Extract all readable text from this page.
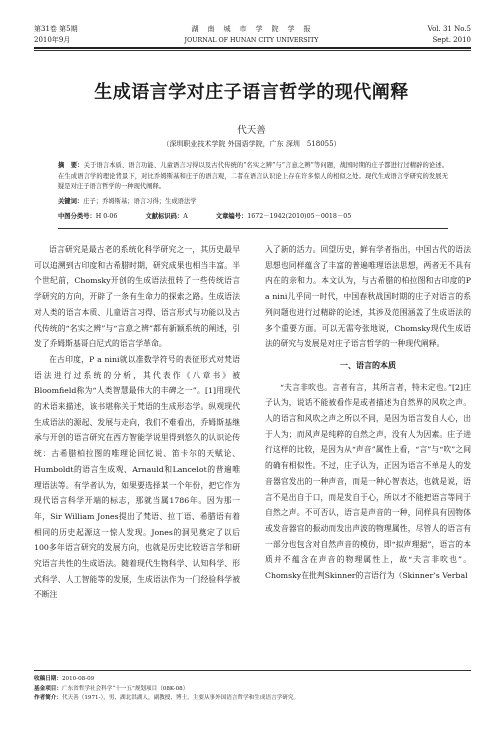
第31卷 第5期
2010年9月
湖　南　城　市　学　院　学　报
JOURNAL OF HUNAN CITY UNIVERSITY
Vol. 31 No.5
Sept. 2010
生成语言学对庄子语言哲学的现代阐释
代天善
（深圳职业技术学院 外国语学院，广东 深圳　518055）
摘　要：关于语言本质、语言功能、儿童语言习得以及古代传统的“名实之辨”与“言意之辨”等问题，战国时期的庄子都进行过精辟的论述。在生成语言学的理论背景下，对比乔姆斯基和庄子的语言观，二者在语言认识论上存在许多惊人的相似之处。现代生成语言学研究的发展无疑是对庄子语言哲学的一种现代阐释。
关键词：庄子；乔姆斯基；语言习得；生成语法学
中图分类号：H 0-06	文献标识码：A	文章编号：1672－1942(2010)05－0018－05

语言研究是最古老的系统化科学研究之一，其历史最早可以追溯到古印度和古希腊时期，研究成果也相当丰富。半个世纪前，Chomsky开创的生成语法扭转了一些传统语言学研究的方向，开辟了一条有生命力的探索之路。生成语法对人类的语言本质、儿童语言习得、语言形式与功能以及古代传统的“名实之辨”与“言意之辨”都有新颖系统的阐述，引发了乔姆斯基哥白尼式的语言学革命。

在古印度，P a nini就以准数学符号的表征形式对梵语语法进行过系统的分析，其代表作《八章书》被Bloomfield称为“人类智慧最伟大的丰碑之一”。[1]用现代的术语来描述，该书堪称关于梵语的生成形态学。纵观现代生成语法的源起、发展与走向，我们不难看出，乔姆斯基继承与开创的语言研究在西方智能学说里得到悠久的认识论传统：古希腊柏拉图的唯理论回忆说、笛卡尔的天赋论、Humboldt的语言生成观、Arnauld和Lancelot的普遍唯理语法等。有学者认为，如果要选择某一个年份，把它作为现代语言科学开端的标志，那就当属1786年。因为那一年，Sir William Jones提出了梵语、拉丁语、希腊语有着相同的历史起源这一惊人发现。Jones的洞见奠定了以后100多年语言研究的发展方向，也就是历史比较语言学和研究语言共性的生成语法。随着现代生物科学、认知科学、形式科学、人工智能等的发展，生成语法作为一门经验科学被不断注

入了新的活力。回望历史，鲜有学者指出，中国古代的语法思想也同样蕴含了丰富的普遍唯理语法思想，两者无不具有内在的亲和力。本文认为，与古希腊的柏拉图和古印度的P a nini儿乎同一时代，中国春秋战国时期的庄子对语言的系列问题也进行过精辟的论述，其涉及范围涵盖了生成语法的多个重要方面。可以无需夸张地说，Chomsky现代生成语法的研究与发展是对庄子语言哲学的一种现代阐释。

一、语言的本质

“夫言非吹也。言者有言，其所言者，特未定也。”[2]庄子认为，说话不能被看作是或者描述为自然界的风吹之声。人的语言和风吹之声之所以不同，是因为语言发自人心，出于人为；而风声是纯粹的自然之声，没有人为因素。庄子进行这样的比较，是因为从“声音”属性上看，“言”与“吹”之间的确有相似性。不过，庄子认为，正因为语言不单是人的发音器官发出的一种声音，而是一种心智表达，也就是说，语言不是出自于口，而是发自于心，所以才不能把语言等同于自然之声。不可否认，语言是声音的一种，同样具有因物体或发音器官的振动而发出声波的物理属性，尽管人的语言有一部分也包含对自然声音的模仿，即“拟声理据”，语言的本质并不蕴含在声音的物理属性上，故“夫言非吹也”。Chomsky在批判Skinner的言语行为（Skinner’s Verbal

收稿日期：2010-08-09
基金项目：广东省哲学社会科学“十一五”规划项目（08K-08）
作者简介：代天善（1971-），男，湖北洪湖人，副教授，博士，主要从事外国语言哲学和生成语言学研究。
